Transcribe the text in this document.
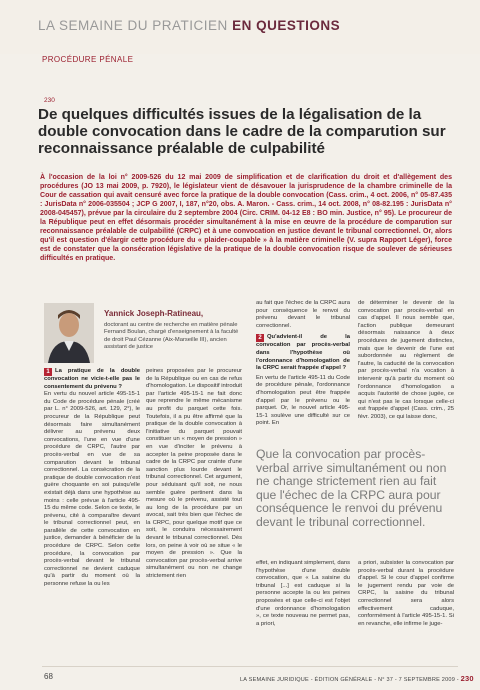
LA SEMAINE DU PRATICIEN EN QUESTIONS
PROCÉDURE PÉNALE
230
De quelques difficultés issues de la légalisation de la double convocation dans le cadre de la comparution sur reconnaissance préalable de culpabilité
À l'occasion de la loi n° 2009-526 du 12 mai 2009 de simplification et de clarification du droit et d'allègement des procédures (JO 13 mai 2009, p. 7920), le législateur vient de désavouer la jurisprudence de la chambre criminelle de la Cour de cassation qui avait censuré avec force la pratique de la double convocation (Cass. crim., 4 oct. 2006, n° 05-87.435 : JurisData n° 2006-035504 ; JCP G 2007, I, 187, n°20, obs. A. Maron. - Cass. crim., 14 oct. 2008, n° 08-82.195 : JurisData n° 2008-045457), prévue par la circulaire du 2 septembre 2004 (Circ. CRIM. 04-12 E8 : BO min. Justice, n° 95). Le procureur de la République peut en effet désormais procéder simultanément à la mise en œuvre de la procédure de comparution sur reconnaissance préalable de culpabilité (CRPC) et à une convocation en justice devant le tribunal correctionnel. Or, alors qu'il est question d'élargir cette procédure du « plaider-coupable » à la matière criminelle (V. supra Rapport Léger), force est de constater que la consécration législative de la pratique de la double convocation risque de soulever de sérieuses difficultés en pratique.
Yannick Joseph-Ratineau,
doctorant au centre de recherche en matière pénale Fernand Boulan, chargé d'enseignement à la faculté de droit Paul Cézanne (Aix-Marseille III), ancien assistant de justice
1 La pratique de la double convocation ne vicie-t-elle pas le consentement du prévenu ?
En vertu du nouvel article 495-15-1 du Code de procédure pénale (créé par L. n° 2009-526, art. 129, 2°), le procureur de la République peut désormais faire simultanément délivrer au prévenu deux convocations, l'une en vue d'une procédure de CRPC, l'autre par procès-verbal en vue de sa comparution devant le tribunal correctionnel. La consécration de la pratique de double convocation n'est guère choquante en soi puisqu'elle existait déjà dans une hypothèse au moins : celle prévue à l'article 495-15 du même code. Selon ce texte, le prévenu, cité à comparaître devant le tribunal correctionnel peut, en parallèle de cette convocation en justice, demander à bénéficier de la procédure de CRPC. Selon cette procédure, la convocation par procès-verbal devant le tribunal correctionnel ne devient caduque qu'à partir du moment où la personne refuse la ou les
peines proposées par le procureur de la République ou en cas de refus d'homologation. Le dispositif introduit par l'article 495-15-1 ne fait donc que reprendre le même mécanisme au profit du parquet cette fois. Toutefois, il a pu être affirmé que la pratique de la double convocation à l'initiative du parquet pouvait constituer un « moyen de pression » en vue d'inciter le prévenu à accepter la peine proposée dans le cadre de la CRPC par crainte d'une sanction plus lourde devant le tribunal correctionnel. Cet argument, pour séduisant qu'il soit, ne nous semble guère pertinent dans la mesure où le prévenu, assisté tout au long de la procédure par un avocat, sait très bien que l'échec de la CRPC, pour quelque motif que ce soit, le conduira nécessairement devant le tribunal correctionnel. Dès lors, on peine à voir où se situe « le moyen de pression ». Que la convocation par procès-verbal arrive simultanément ou non ne change strictement rien
au fait que l'échec de la CRPC aura pour conséquence le renvoi du prévenu devant le tribunal correctionnel.
2 Qu'advient-il de la convocation par procès-verbal dans l'hypothèse où l'ordonnance d'homologation de la CRPC serait frappée d'appel ?
En vertu de l'article 495-11 du Code de procédure pénale, l'ordonnance d'homologation peut être frappée d'appel par le prévenu ou le parquet. Or, le nouvel article 495-15-1 soulève une difficulté sur ce point. En
de déterminer le devenir de la convocation par procès-verbal en cas d'appel. Il nous semble que, l'action publique demeurant désormais naissance à deux procédures de jugement distinctes, mais que le devenir de l'une est subordonnée au règlement de l'autre, la caducité de la convocation par procès-verbal n'a vocation à intervenir qu'à partir du moment où l'ordonnance d'homologation a acquis l'autorité de chose jugée, ce qui n'est pas le cas lorsque celle-ci est frappée d'appel (Cass. crim., 25 févr. 2003), ce qui laisse donc,
Que la convocation par procès-verbal arrive simultanément ou non ne change strictement rien au fait que l'échec de la CRPC aura pour conséquence le renvoi du prévenu devant le tribunal correctionnel.
effet, en indiquant simplement, dans l'hypothèse d'une double convocation, que « La saisine du tribunal [...] est caduque si la personne accepte la ou les peines proposées et que celle-ci est l'objet d'une ordonnance d'homologation », ce texte nouveau ne permet pas, a priori,
a priori, subsister la convocation par procès-verbal durant la procédure d'appel. Si le cour d'appel confirme le jugement rendu par voie de CRPC, la saisine du tribunal correctionnel sera alors effectivement caduque, conformément à l'article 495-15-1. Si en revanche, elle infirme le juge-
68	LA SEMAINE JURIDIQUE - ÉDITION GÉNÉRALE - N° 37 - 7 SEPTEMBRE 2009 - 230
